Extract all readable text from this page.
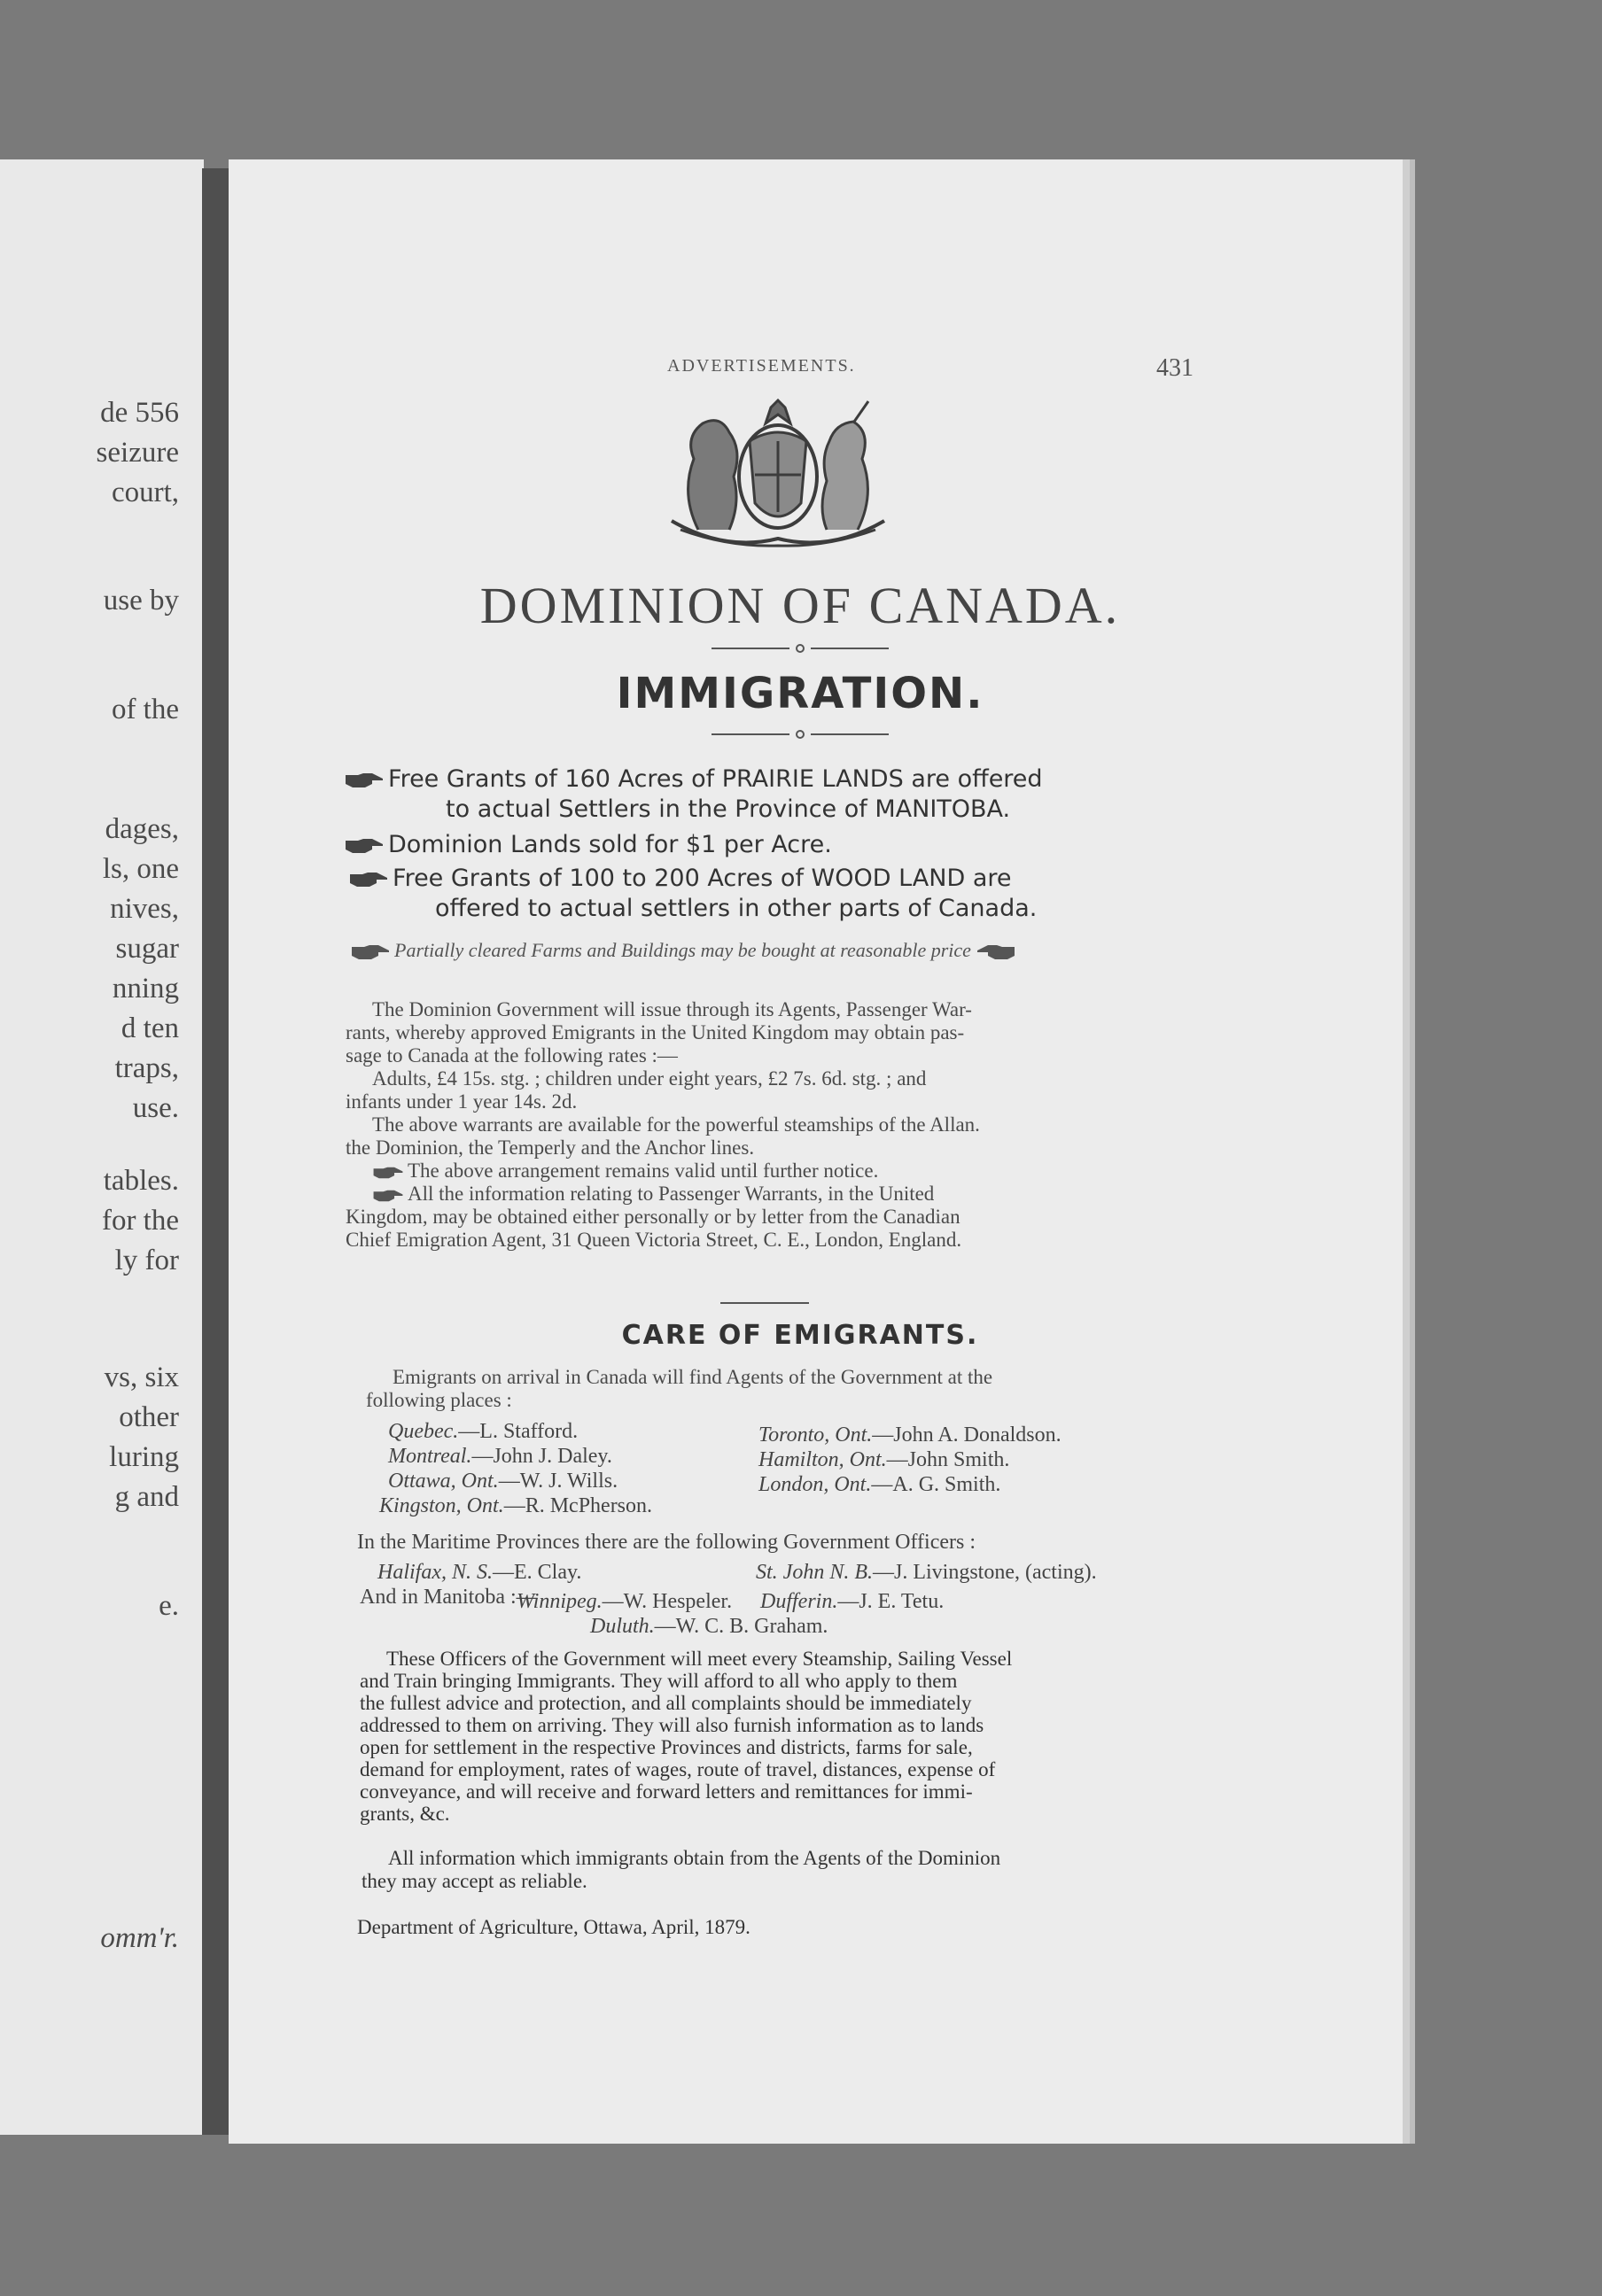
de 556
seizure
court,
use by
of the
dages,
ls, one
nives,
sugar
nning
d ten
traps,
use.
tables.
for the
ly for
vs, six
other
luring
g and
e.
omm'r.
ADVERTISEMENTS.	431
DOMINION OF CANADA.
IMMIGRATION.
Free Grants of 160 Acres of PRAIRIE LANDS are offered
to actual Settlers in the Province of MANITOBA.
Dominion Lands sold for $1 per Acre.
Free Grants of 100 to 200 Acres of WOOD LAND are
offered to actual settlers in other parts of Canada.
Partially cleared Farms and Buildings may be bought at reasonable price
The Dominion Government will issue through its Agents, Passenger War-
rants, whereby approved Emigrants in the United Kingdom may obtain pas-
sage to Canada at the following rates :—
Adults, £4 15s. stg. ; children under eight years, £2 7s. 6d. stg. ; and
infants under 1 year 14s. 2d.
The above warrants are available for the powerful steamships of the Allan.
the Dominion, the Temperly and the Anchor lines.
The above arrangement remains valid until further notice.
All the information relating to Passenger Warrants, in the United
Kingdom, may be obtained either personally or by letter from the Canadian
Chief Emigration Agent, 31 Queen Victoria Street, C. E., London, England.
CARE OF EMIGRANTS.
Emigrants on arrival in Canada will find Agents of the Government at the
following places :
Quebec.—L. Stafford.
Montreal.—John J. Daley.
Ottawa, Ont.—W. J. Wills.
Kingston, Ont.—R. McPherson.
Toronto, Ont.—John A. Donaldson.
Hamilton, Ont.—John Smith.
London, Ont.—A. G. Smith.
In the Maritime Provinces there are the following Government Officers :
Halifax, N. S.—E. Clay.	St. John N. B.—J. Livingstone, (acting).
And in Manitoba :—
Winnipeg.—W. Hespeler. Dufferin.—J. E. Tetu.
Duluth.—W. C. B. Graham.
These Officers of the Government will meet every Steamship, Sailing Vessel
and Train bringing Immigrants. They will afford to all who apply to them
the fullest advice and protection, and all complaints should be immediately
addressed to them on arriving. They will also furnish information as to lands
open for settlement in the respective Provinces and districts, farms for sale,
demand for employment, rates of wages, route of travel, distances, expense of
conveyance, and will receive and forward letters and remittances for immi-
grants, &c.
All information which immigrants obtain from the Agents of the Dominion
they may accept as reliable.
Department of Agriculture, Ottawa, April, 1879.
